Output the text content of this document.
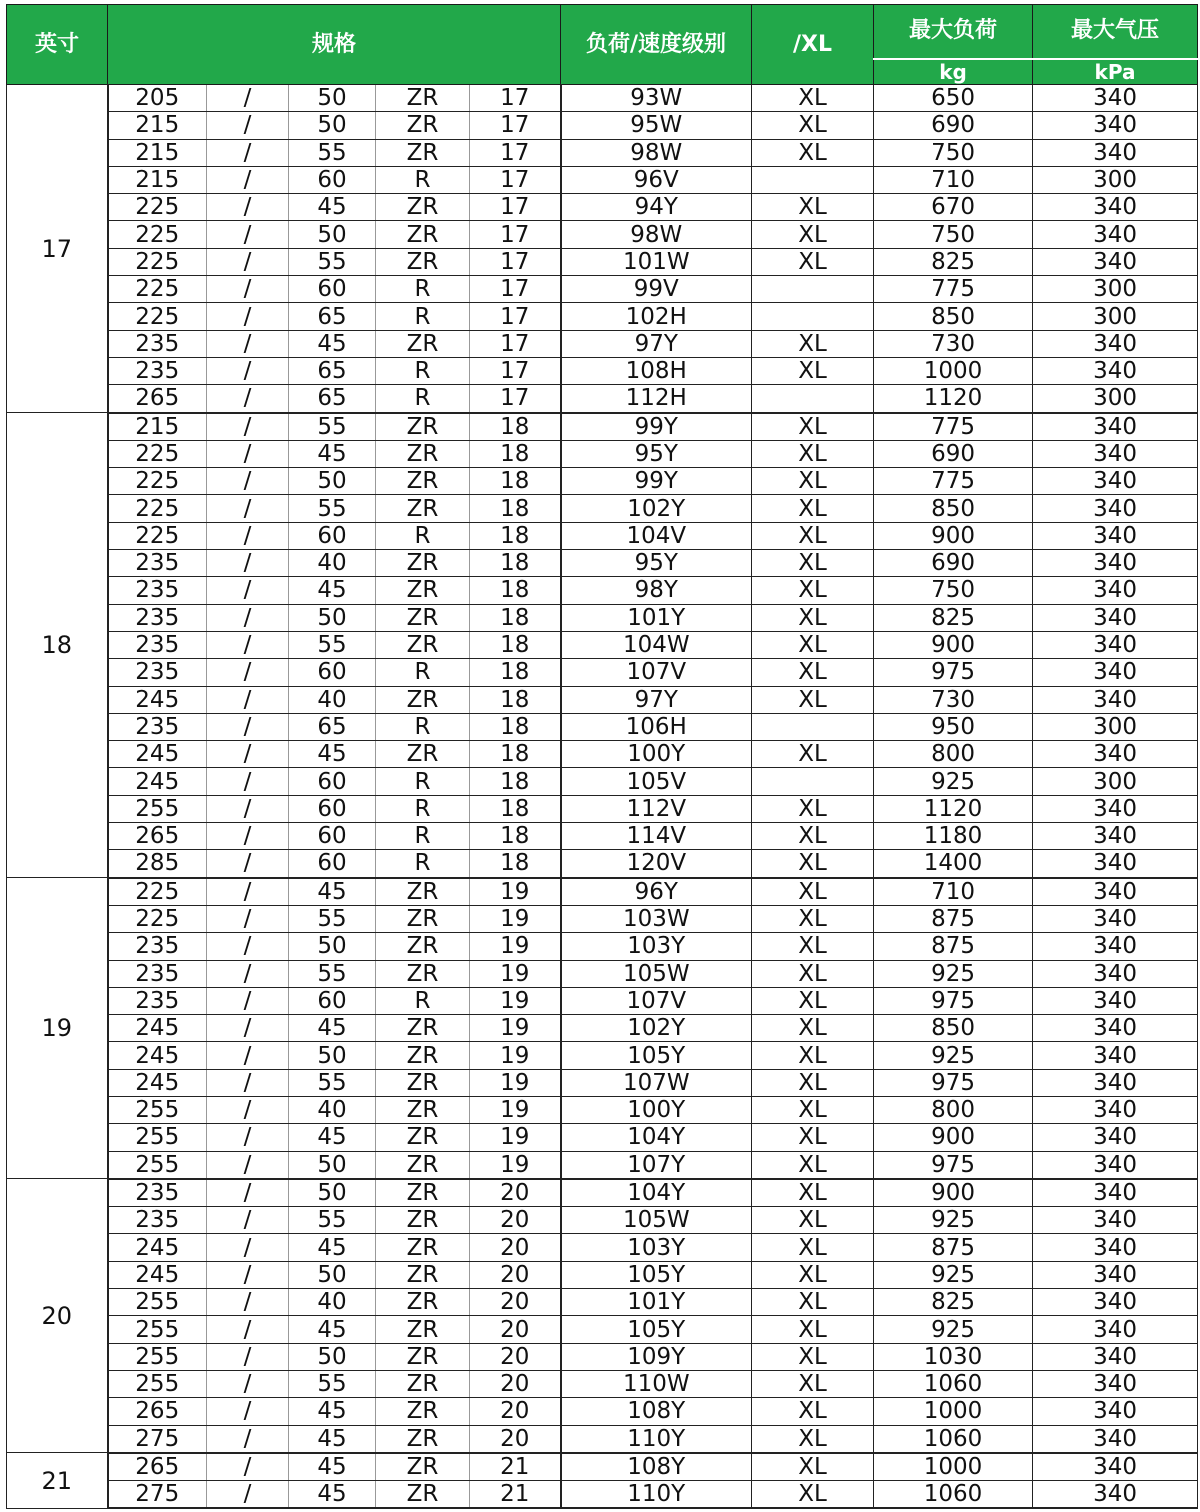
英寸	规格					负荷/速度级别	/XL	最大负荷	最大气压
								kg	kPa
17	205	/	50	ZR	17	93W	XL	650	340
	215	/	50	ZR	17	95W	XL	690	340
	215	/	55	ZR	17	98W	XL	750	340
	215	/	60	R	17	96V		710	300
	225	/	45	ZR	17	94Y	XL	670	340
	225	/	50	ZR	17	98W	XL	750	340
	225	/	55	ZR	17	101W	XL	825	340
	225	/	60	R	17	99V		775	300
	225	/	65	R	17	102H		850	300
	235	/	45	ZR	17	97Y	XL	730	340
	235	/	65	R	17	108H	XL	1000	340
	265	/	65	R	17	112H		1120	300
18	215	/	55	ZR	18	99Y	XL	775	340
	225	/	45	ZR	18	95Y	XL	690	340
	225	/	50	ZR	18	99Y	XL	775	340
	225	/	55	ZR	18	102Y	XL	850	340
	225	/	60	R	18	104V	XL	900	340
	235	/	40	ZR	18	95Y	XL	690	340
	235	/	45	ZR	18	98Y	XL	750	340
	235	/	50	ZR	18	101Y	XL	825	340
	235	/	55	ZR	18	104W	XL	900	340
	235	/	60	R	18	107V	XL	975	340
	245	/	40	ZR	18	97Y	XL	730	340
	235	/	65	R	18	106H		950	300
	245	/	45	ZR	18	100Y	XL	800	340
	245	/	60	R	18	105V		925	300
	255	/	60	R	18	112V	XL	1120	340
	265	/	60	R	18	114V	XL	1180	340
	285	/	60	R	18	120V	XL	1400	340
19	225	/	45	ZR	19	96Y	XL	710	340
	225	/	55	ZR	19	103W	XL	875	340
	235	/	50	ZR	19	103Y	XL	875	340
	235	/	55	ZR	19	105W	XL	925	340
	235	/	60	R	19	107V	XL	975	340
	245	/	45	ZR	19	102Y	XL	850	340
	245	/	50	ZR	19	105Y	XL	925	340
	245	/	55	ZR	19	107W	XL	975	340
	255	/	40	ZR	19	100Y	XL	800	340
	255	/	45	ZR	19	104Y	XL	900	340
	255	/	50	ZR	19	107Y	XL	975	340
20	235	/	50	ZR	20	104Y	XL	900	340
	235	/	55	ZR	20	105W	XL	925	340
	245	/	45	ZR	20	103Y	XL	875	340
	245	/	50	ZR	20	105Y	XL	925	340
	255	/	40	ZR	20	101Y	XL	825	340
	255	/	45	ZR	20	105Y	XL	925	340
	255	/	50	ZR	20	109Y	XL	1030	340
	255	/	55	ZR	20	110W	XL	1060	340
	265	/	45	ZR	20	108Y	XL	1000	340
	275	/	45	ZR	20	110Y	XL	1060	340
21	265	/	45	ZR	21	108Y	XL	1000	340
	275	/	45	ZR	21	110Y	XL	1060	340
